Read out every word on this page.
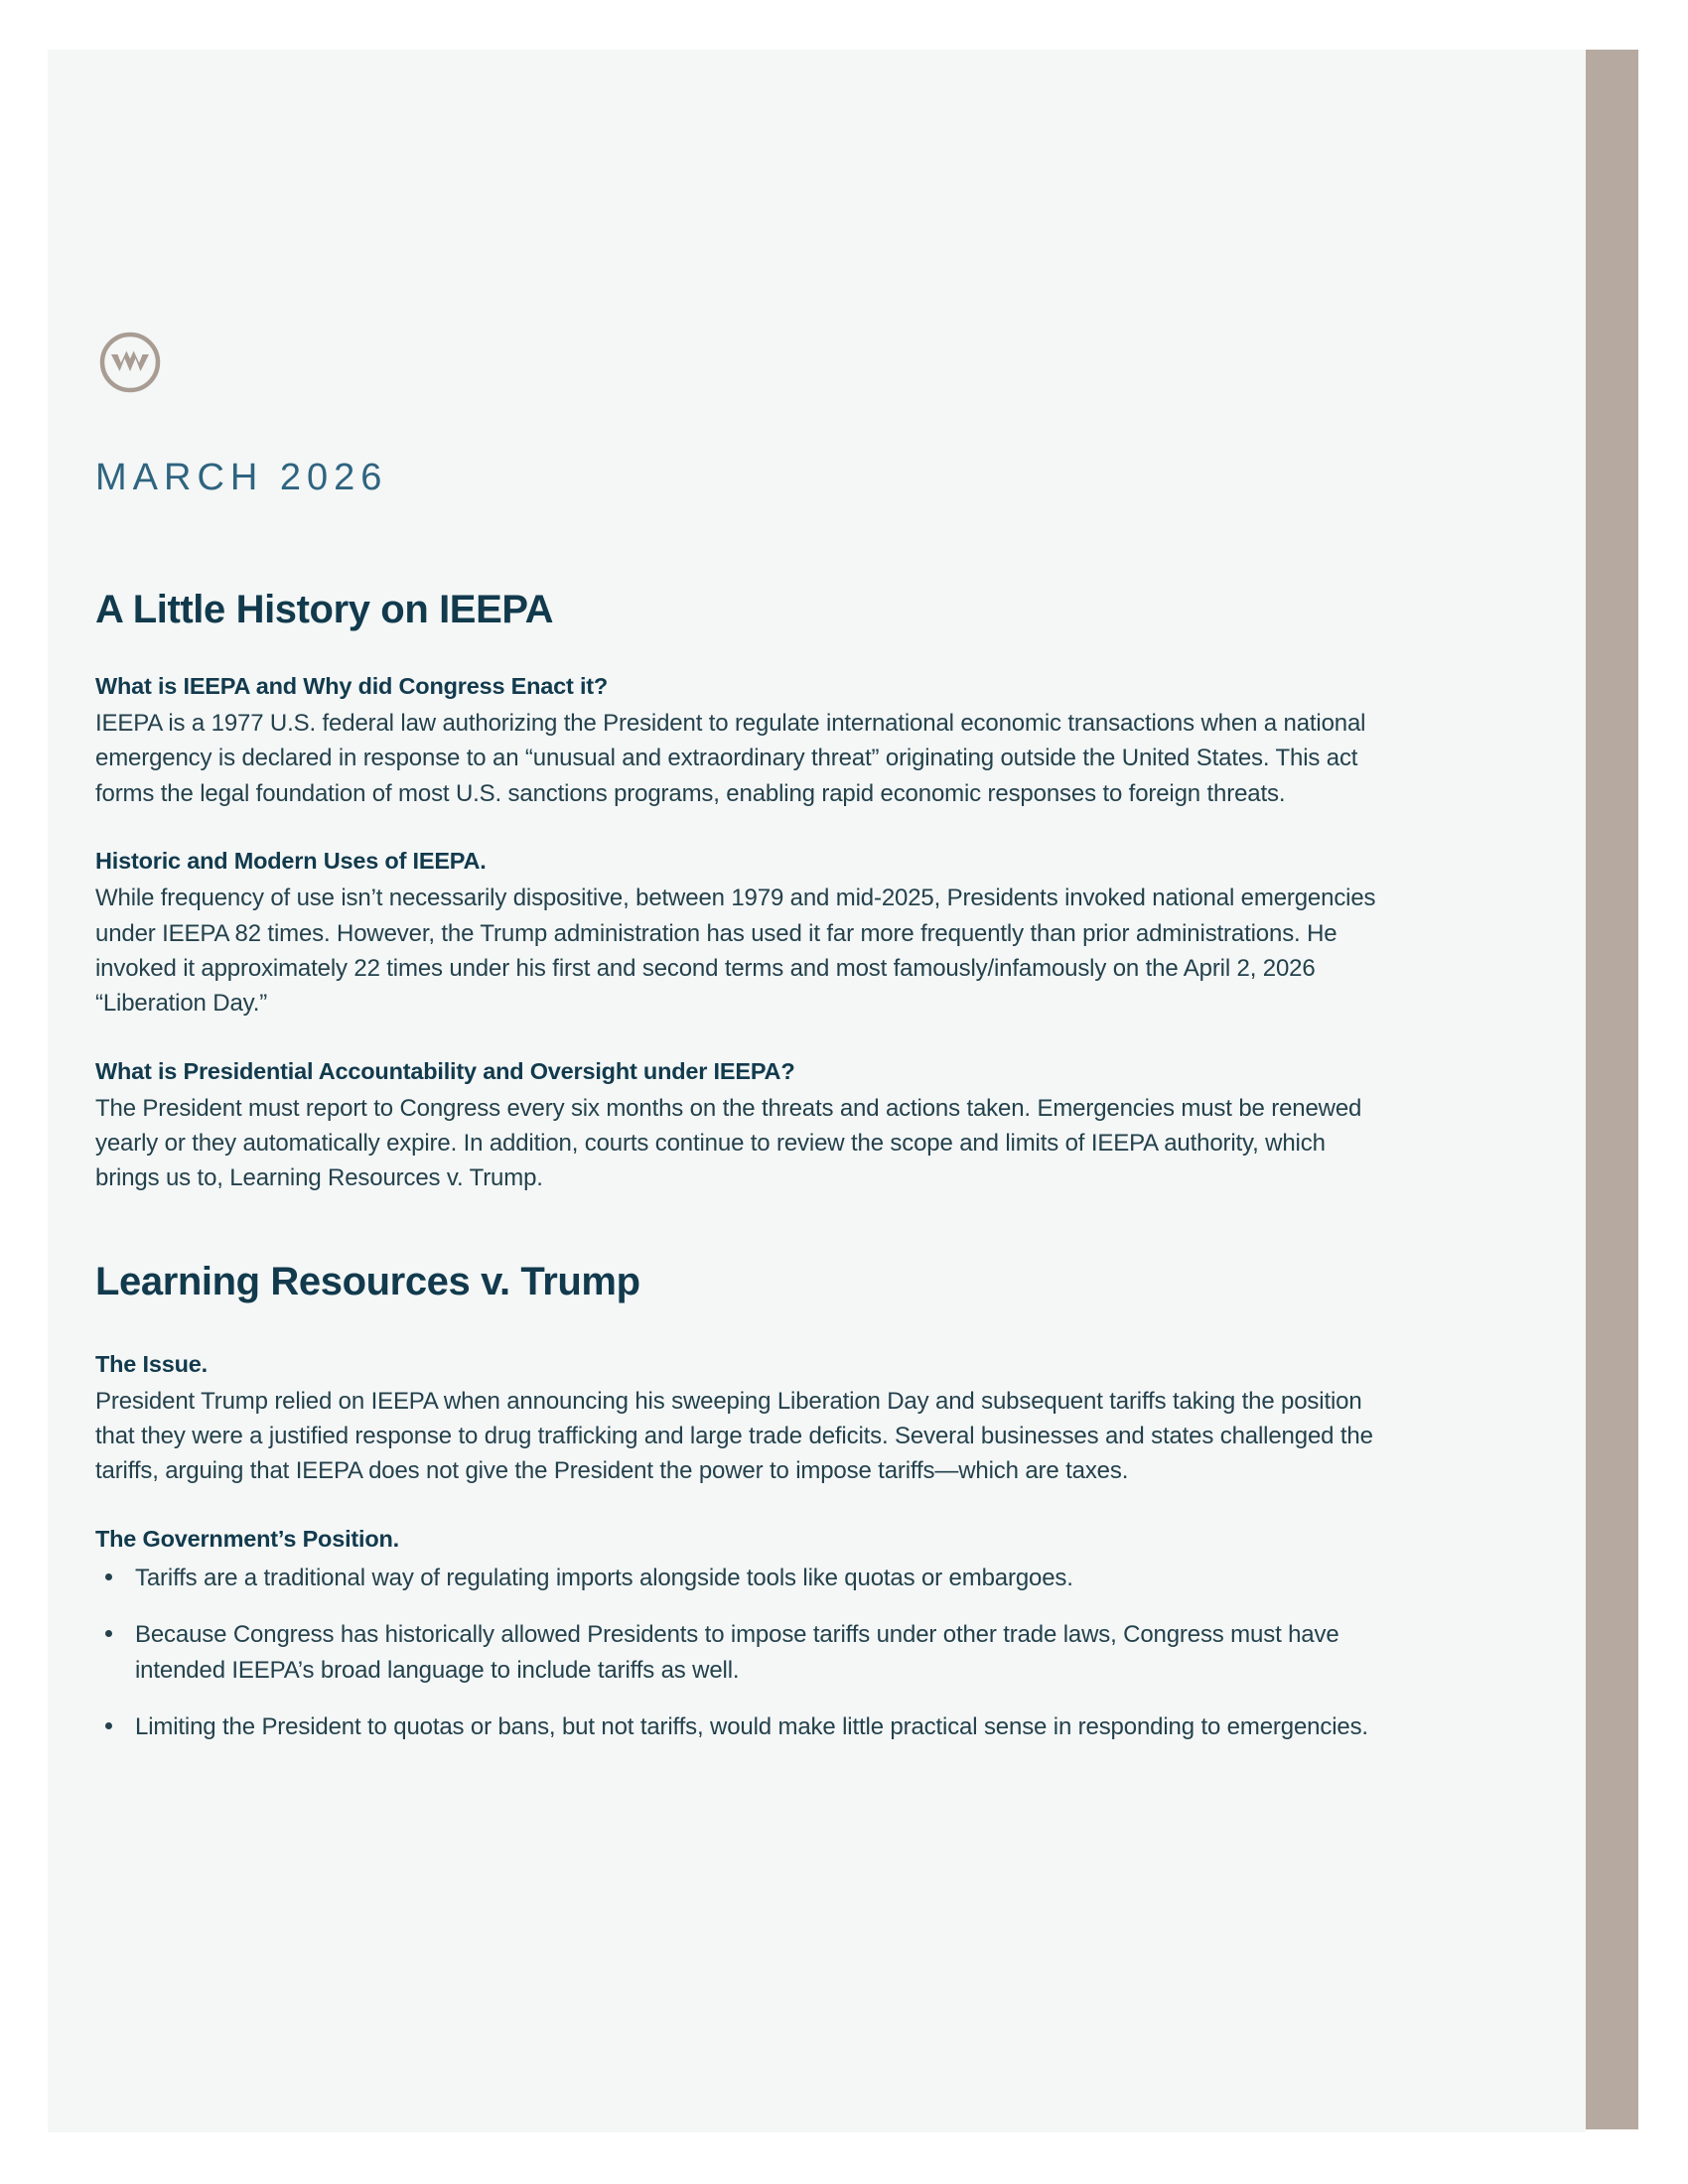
MARCH 2026
A Little History on IEEPA
What is IEEPA and Why did Congress Enact it?

IEEPA is a 1977 U.S. federal law authorizing the President to regulate international economic transactions when a national emergency is declared in response to an “unusual and extraordinary threat” originating outside the United States. This act forms the legal foundation of most U.S. sanctions programs, enabling rapid economic responses to foreign threats.

Historic and Modern Uses of IEEPA.

While frequency of use isn’t necessarily dispositive, between 1979 and mid-2025, Presidents invoked national emergencies under IEEPA 82 times. However, the Trump administration has used it far more frequently than prior administrations. He invoked it approximately 22 times under his first and second terms and most famously/infamously on the April 2, 2026 “Liberation Day.”

What is Presidential Accountability and Oversight under IEEPA?

The President must report to Congress every six months on the threats and actions taken. Emergencies must be renewed yearly or they automatically expire. In addition, courts continue to review the scope and limits of IEEPA authority, which brings us to, Learning Resources v. Trump.

Learning Resources v. Trump
The Issue.

President Trump relied on IEEPA when announcing his sweeping Liberation Day and subsequent tariffs taking the position that they were a justified response to drug trafficking and large trade deficits. Several businesses and states challenged the tariffs, arguing that IEEPA does not give the President the power to impose tariffs—which are taxes.

The Government’s Position.
Tariffs are a traditional way of regulating imports alongside tools like quotas or embargoes.
Because Congress has historically allowed Presidents to impose tariffs under other trade laws, Congress must have intended IEEPA’s broad language to include tariffs as well.
Limiting the President to quotas or bans, but not tariffs, would make little practical sense in responding to emergencies.
